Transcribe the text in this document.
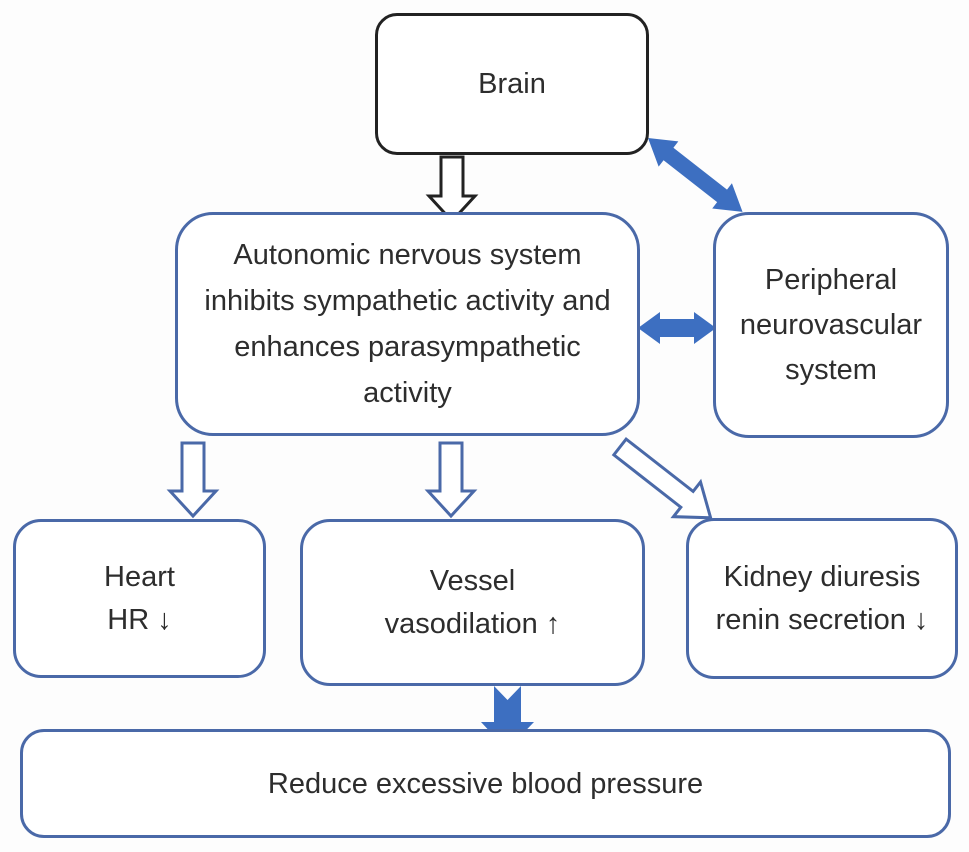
Brain
Autonomic nervous system
inhibits sympathetic activity and
enhances parasympathetic
activity
Peripheral
neurovascular
system
Heart
HR ↓
Vessel
vasodilation ↑
Kidney diuresis
renin secretion ↓
Reduce excessive blood pressure
